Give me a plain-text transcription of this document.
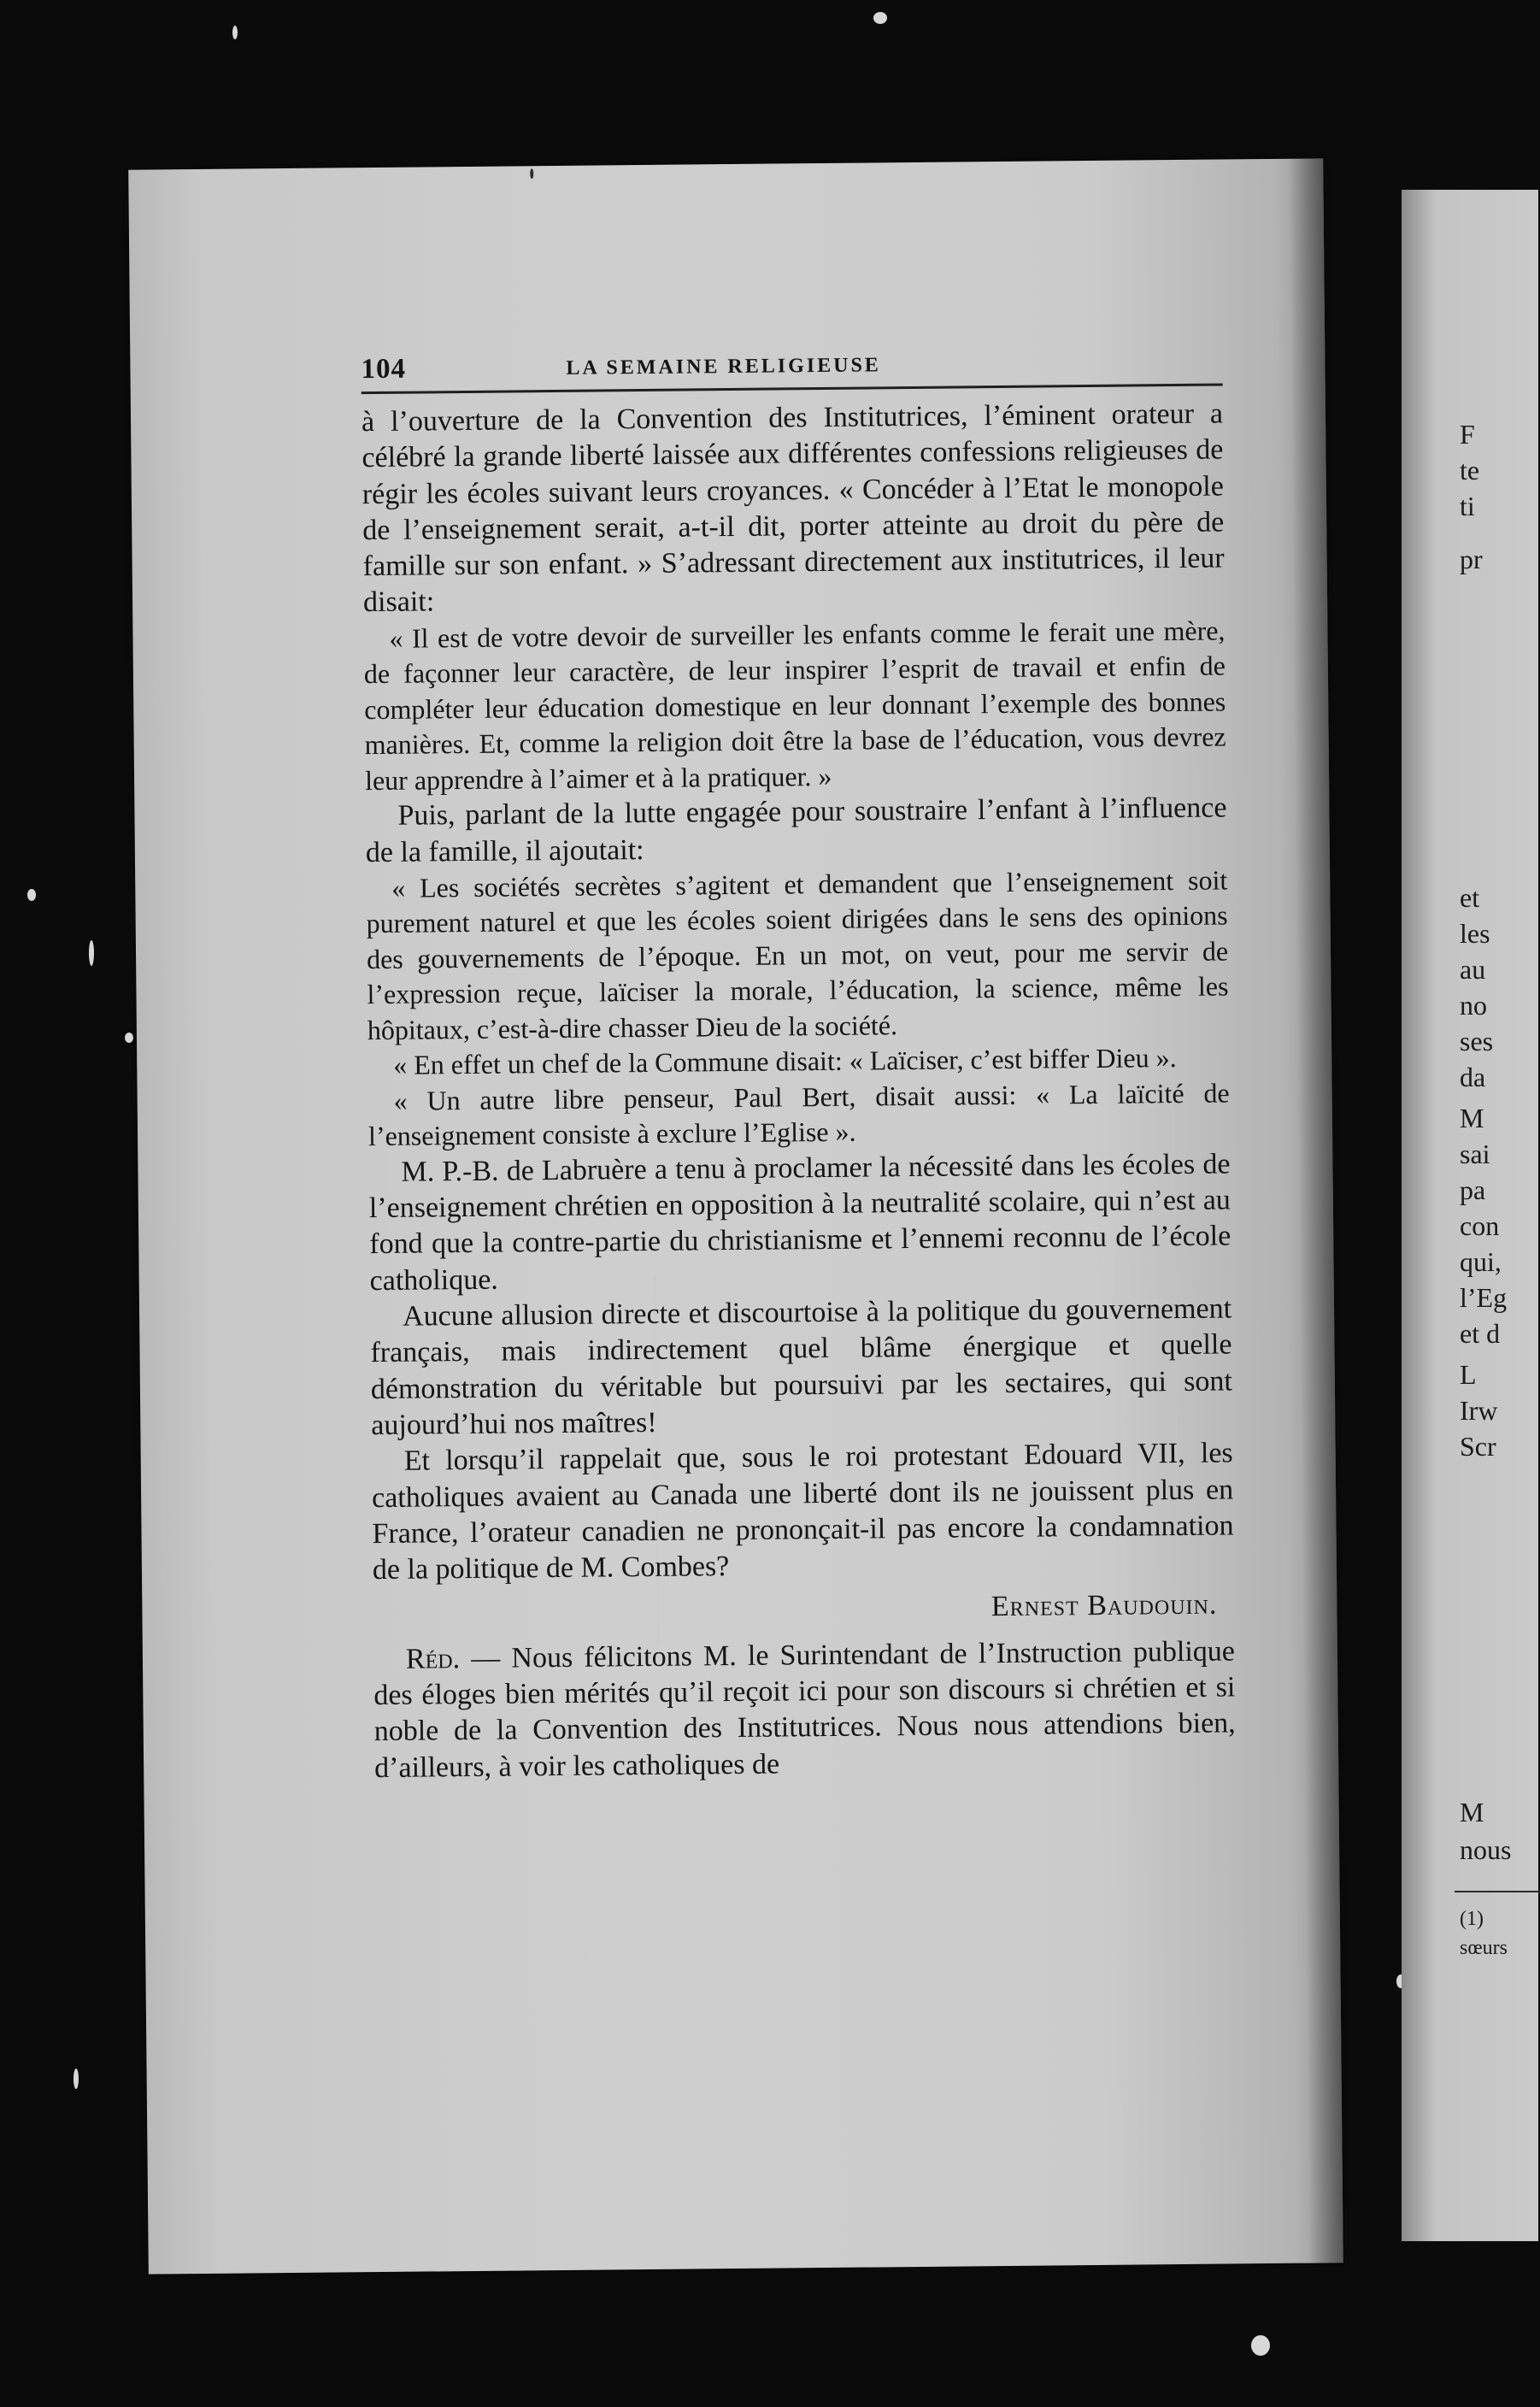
104	LA SEMAINE RELIGIEUSE

à l’ouverture de la Convention des Institutrices, l’éminent orateur a célébré la grande liberté laissée aux différentes confessions religieuses de régir les écoles suivant leurs croyances. « Concéder à l’Etat le monopole de l’enseignement serait, a-t-il dit, porter atteinte au droit du père de famille sur son enfant. » S’adressant directement aux institutrices, il leur disait:

« Il est de votre devoir de surveiller les enfants comme le ferait une mère, de façonner leur caractère, de leur inspirer l’esprit de travail et enfin de compléter leur éducation domestique en leur donnant l’exemple des bonnes manières. Et, comme la religion doit être la base de l’éducation, vous devrez leur apprendre à l’aimer et à la pratiquer. »

Puis, parlant de la lutte engagée pour soustraire l’enfant à l’influence de la famille, il ajoutait:

« Les sociétés secrètes s’agitent et demandent que l’enseignement soit purement naturel et que les écoles soient dirigées dans le sens des opinions des gouvernements de l’époque. En un mot, on veut, pour me servir de l’expression reçue, laïciser la morale, l’éducation, la science, même les hôpitaux, c’est-à-dire chasser Dieu de la société.

« En effet un chef de la Commune disait: « Laïciser, c’est biffer Dieu ».

« Un autre libre penseur, Paul Bert, disait aussi: « La laïcité de l’enseignement consiste à exclure l’Eglise ».

M. P.-B. de Labruère a tenu à proclamer la nécessité dans les écoles de l’enseignement chrétien en opposition à la neutralité scolaire, qui n’est au fond que la contre-partie du christianisme et l’ennemi reconnu de l’école catholique.

Aucune allusion directe et discourtoise à la politique du gouvernement français, mais indirectement quel blâme énergique et quelle démonstration du véritable but poursuivi par les sectaires, qui sont aujourd’hui nos maîtres!

Et lorsqu’il rappelait que, sous le roi protestant Edouard VII, les catholiques avaient au Canada une liberté dont ils ne jouissent plus en France, l’orateur canadien ne prononçait-il pas encore la condamnation de la politique de M. Combes?

Ernest Baudouin.

Réd. — Nous félicitons M. le Surintendant de l’Instruction publique des éloges bien mérités qu’il reçoit ici pour son discours si chrétien et si noble de la Convention des Institutrices. Nous nous attendions bien, d’ailleurs, à voir les catholiques de

F
te
ti
pr
et
les
au
no
ses
da
M
sai
pa
con
qui,
l’Eg
et d
L
Irw
Scr
M
nous
(1)
sœurs
